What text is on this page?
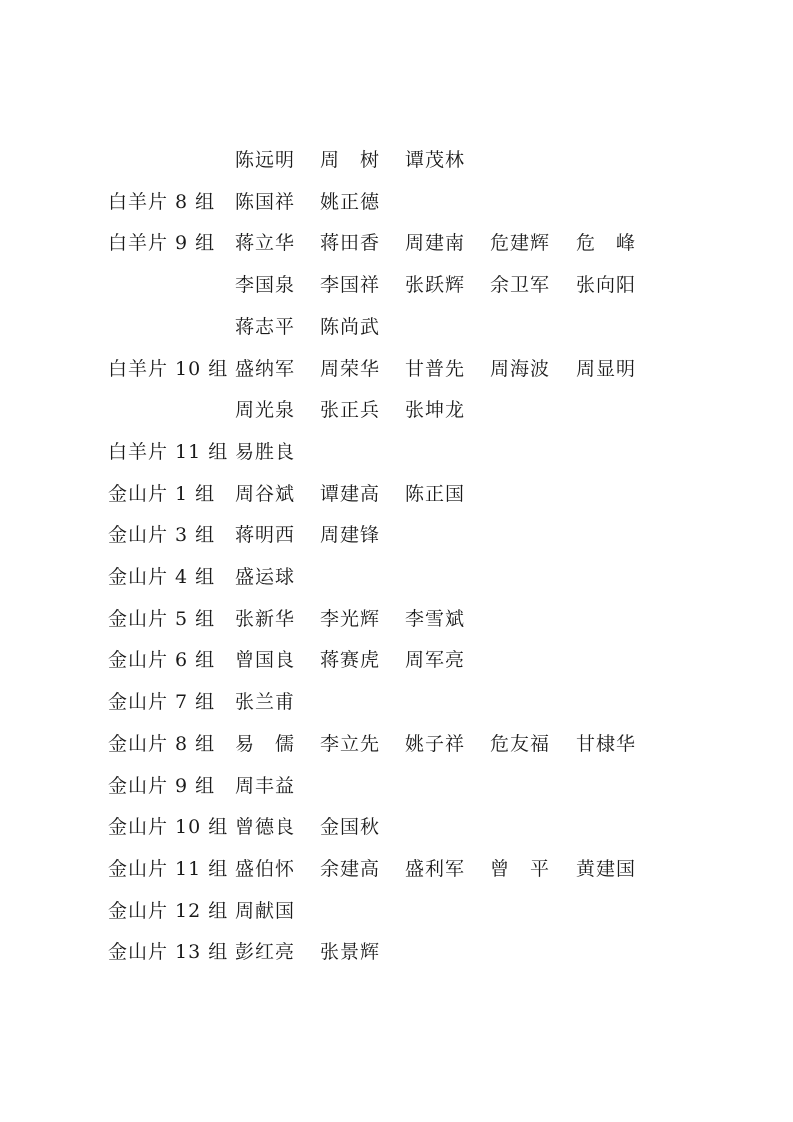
陈远明 周　树 谭茂林
白羊片 8 组 陈国祥 姚正德
白羊片 9 组 蒋立华 蒋田香 周建南 危建辉 危　峰
李国泉 李国祥 张跃辉 余卫军 张向阳
蒋志平 陈尚武
白羊片 10 组 盛纳军 周荣华 甘普先 周海波 周显明
周光泉 张正兵 张坤龙
白羊片 11 组 易胜良
金山片 1 组 周谷斌 谭建高 陈正国
金山片 3 组 蒋明西 周建锋
金山片 4 组 盛运球
金山片 5 组 张新华 李光辉 李雪斌
金山片 6 组 曾国良 蒋赛虎 周军亮
金山片 7 组 张兰甫
金山片 8 组 易　儒 李立先 姚子祥 危友福 甘棣华
金山片 9 组 周丰益
金山片 10 组 曾德良 金国秋
金山片 11 组 盛伯怀 余建高 盛利军 曾　平 黄建国
金山片 12 组 周献国
金山片 13 组 彭红亮 张景辉
